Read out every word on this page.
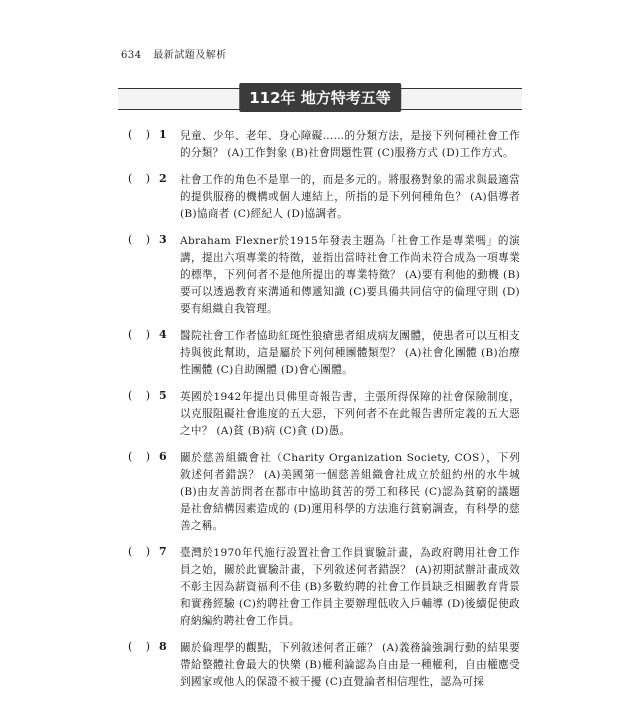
634 最新試題及解析
112年 地方特考五等
( ) 1 兒童、少年、老年、身心障礙……的分類方法，是接下列何種社會工作的分類？ (A)工作對象 (B)社會問題性質 (C)服務方式 (D)工作方式。
( ) 2 社會工作的角色不是單一的，而是多元的。將服務對象的需求與最適當的提供服務的機構或個人連結上，所指的是下列何種角色？ (A)倡導者 (B)協商者 (C)經紀人 (D)協調者。
( ) 3 Abraham Flexner於1915年發表主題為「社會工作是專業嗎」的演講，提出六項專業的特徵，並指出當時社會工作尚未符合成為一項專業的標準，下列何者不是他所提出的專業特徵？ (A)要有利他的動機 (B)要可以透過教育來溝通和傳遞知識 (C)要具備共同信守的倫理守則 (D)要有組織自我管理。
( ) 4 醫院社會工作者協助紅斑性狼瘡患者組成病友團體，使患者可以互相支持與彼此幫助，這是屬於下列何種團體類型？ (A)社會化團體 (B)治療性團體 (C)自助團體 (D)會心團體。
( ) 5 英國於1942年提出貝佛里奇報告書，主張所得保障的社會保險制度，以克服阻礙社會進度的五大惡，下列何者不在此報告書所定義的五大惡之中？ (A)貧 (B)病 (C)貪 (D)愚。
( ) 6 關於慈善組織會社（Charity Organization Society, COS），下列敘述何者錯誤？ (A)美國第一個慈善組織會社成立於紐約州的水牛城 (B)由友善訪問者在都市中協助貧苦的勞工和移民 (C)認為貧窮的議題是社會結構因素造成的 (D)運用科學的方法進行貧窮調查，有科學的慈善之稱。
( ) 7 臺灣於1970年代施行設置社會工作員實驗計畫，為政府聘用社會工作員之始，關於此實驗計畫，下列敘述何者錯誤？ (A)初期試辦計畫成效不彰主因為薪資福利不佳 (B)多數約聘的社會工作員缺乏相關教育背景和實務經驗 (C)約聘社會工作員主要辦理低收入戶輔導 (D)後續促使政府納編約聘社會工作員。
( ) 8 關於倫理學的觀點，下列敘述何者正確？ (A)義務論強調行動的結果要帶給整體社會最大的快樂 (B)權利論認為自由是一種權利，自由權應受到國家或他人的保證不被干擾 (C)直覺論者相信理性，認為可採
